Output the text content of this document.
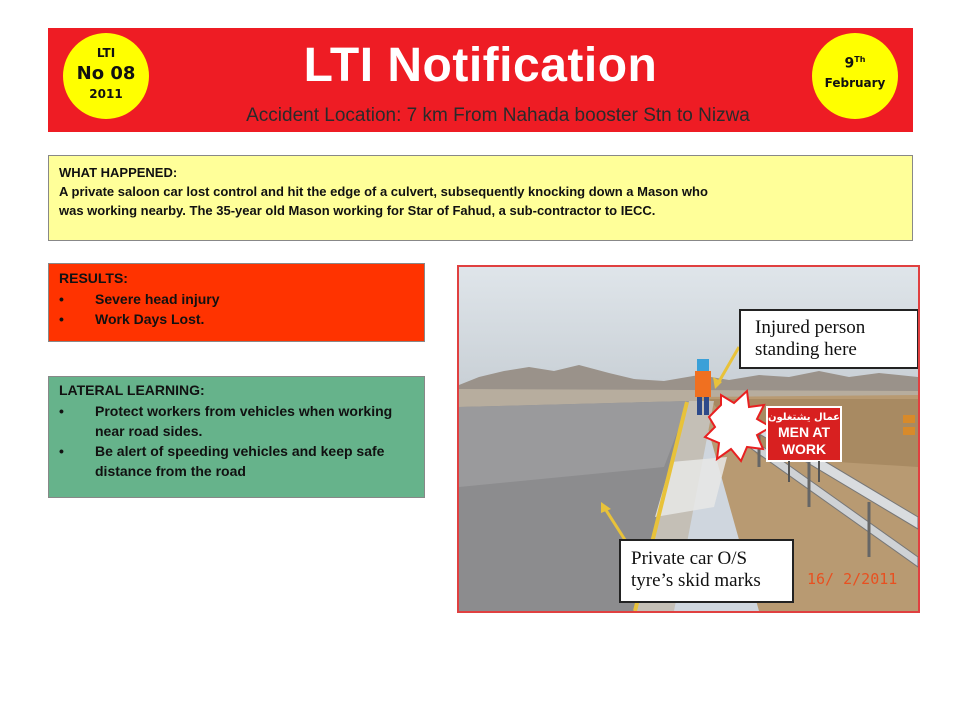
LTI Notification
Accident Location: 7 km From Nahada booster Stn to Nizwa
LTI
No 08
2011
9Th
February
WHAT HAPPENED:
A private saloon car lost control and hit the edge of a culvert, subsequently knocking down a Mason who
was working nearby. The 35-year old Mason working for Star of Fahud, a sub-contractor to IECC.
RESULTS:
• Severe head injury
• Work Days Lost.
LATERAL LEARNING:
• Protect workers from vehicles when working near road sides.
• Be alert of speeding vehicles and keep safe distance from the road
عمال يشتغلون
MEN AT
WORK
Injured person
standing here
Private car O/S
tyre’s skid marks	16/ 2/2011
